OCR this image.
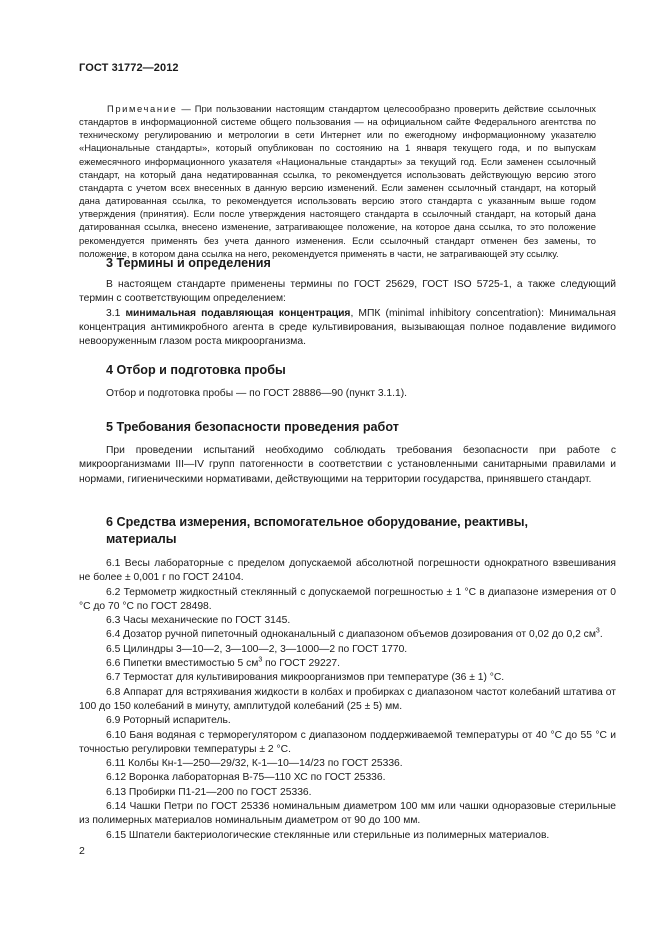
ГОСТ 31772—2012
Примечание — При пользовании настоящим стандартом целесообразно проверить действие ссылочных стандартов в информационной системе общего пользования — на официальном сайте Федерального агентства по техническому регулированию и метрологии в сети Интернет или по ежегодному информационному указателю «Национальные стандарты», который опубликован по состоянию на 1 января текущего года, и по выпускам ежемесячного информационного указателя «Национальные стандарты» за текущий год. Если заменен ссылочный стандарт, на который дана недатированная ссылка, то рекомендуется использовать действующую версию этого стандарта с учетом всех внесенных в данную версию изменений. Если заменен ссылочный стандарт, на который дана датированная ссылка, то рекомендуется использовать версию этого стандарта с указанным выше годом утверждения (принятия). Если после утверждения настоящего стандарта в ссылочный стандарт, на который дана датированная ссылка, внесено изменение, затрагивающее положение, на которое дана ссылка, то это положение рекомендуется применять без учета данного изменения. Если ссылочный стандарт отменен без замены, то положение, в котором дана ссылка на него, рекомендуется применять в части, не затрагивающей эту ссылку.
3 Термины и определения

В настоящем стандарте применены термины по ГОСТ 25629, ГОСТ ISO 5725-1, а также следующий термин с соответствующим определением:

3.1 минимальная подавляющая концентрация, МПК (minimal inhibitory concentration): Минимальная концентрация антимикробного агента в среде культивирования, вызывающая полное подавление видимого невооруженным глазом роста микроорганизма.

4 Отбор и подготовка пробы

Отбор и подготовка пробы — по ГОСТ 28886—90 (пункт 3.1.1).

5 Требования безопасности проведения работ

При проведении испытаний необходимо соблюдать требования безопасности при работе с микроорганизмами III—IV групп патогенности в соответствии с установленными санитарными правилами и нормами, гигиеническими нормативами, действующими на территории государства, принявшего стандарт.

6 Средства измерения, вспомогательное оборудование, реактивы, материалы

6.1 Весы лабораторные с пределом допускаемой абсолютной погрешности однократного взвешивания не более ± 0,001 г по ГОСТ 24104.

6.2 Термометр жидкостный стеклянный с допускаемой погрешностью ± 1 °С в диапазоне измерения от 0 °С до 70 °С по ГОСТ 28498.

6.3 Часы механические по ГОСТ 3145.

6.4 Дозатор ручной пипеточный одноканальный с диапазоном объемов дозирования от 0,02 до 0,2 $см^3$.

6.5 Цилиндры 3—10—2, 3—100—2, 3—1000—2 по ГОСТ 1770.

6.6 Пипетки вместимостью 5 $см^3$ по ГОСТ 29227.

6.7 Термостат для культивирования микроорганизмов при температуре (36 ± 1) °С.

6.8 Аппарат для встряхивания жидкости в колбах и пробирках с диапазоном частот колебаний штатива от 100 до 150 колебаний в минуту, амплитудой колебаний (25 ± 5) мм.

6.9 Роторный испаритель.

6.10 Баня водяная с терморегулятором с диапазоном поддерживаемой температуры от 40 °С до 55 °С и точностью регулировки температуры ± 2 °С.

6.11 Колбы Кн-1—250—29/32, К-1—10—14/23 по ГОСТ 25336.

6.12 Воронка лабораторная В-75—110 ХС по ГОСТ 25336.

6.13 Пробирки П1-21—200 по ГОСТ 25336.

6.14 Чашки Петри по ГОСТ 25336 номинальным диаметром 100 мм или чашки одноразовые стерильные из полимерных материалов номинальным диаметром от 90 до 100 мм.

6.15 Шпатели бактериологические стеклянные или стерильные из полимерных материалов.

2
